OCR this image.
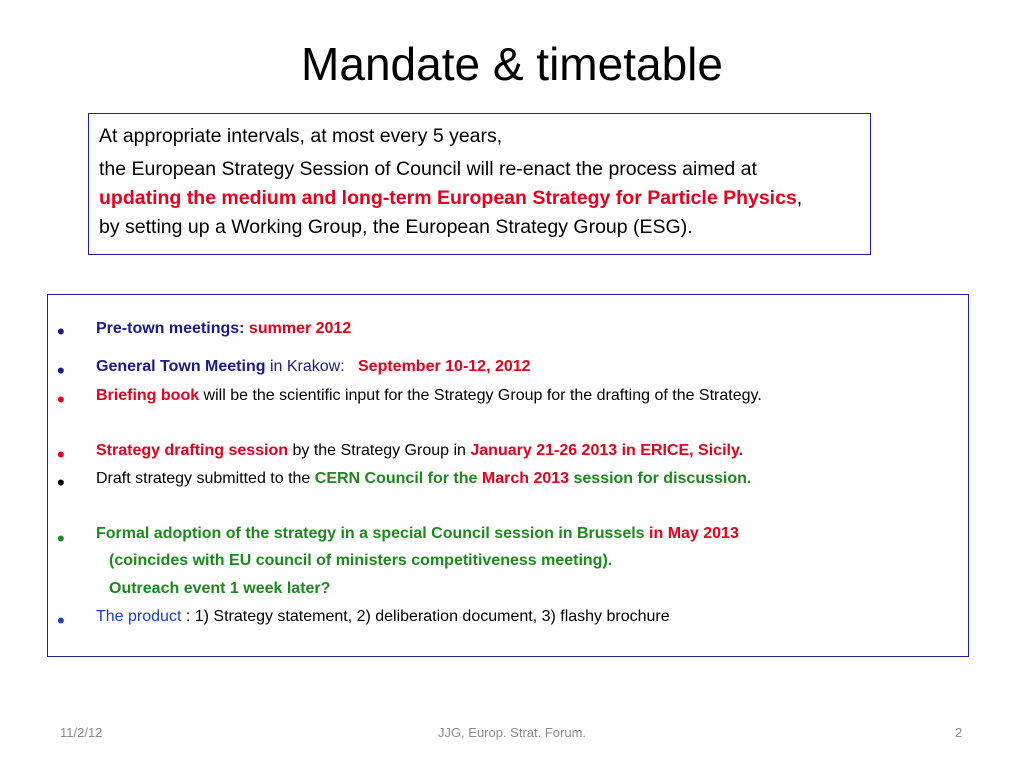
Mandate & timetable

At appropriate intervals, at most every 5 years,

the European Strategy Session of Council will re-enact the process aimed at

updating the medium and long-term European Strategy for Particle Physics,

by setting up a Working Group, the European Strategy Group (ESG).

• Pre-town meetings: summer 2012
• General Town Meeting in Krakow: September 10-12, 2012
• Briefing book will be the scientific input for the Strategy Group for the drafting of the Strategy.
• Strategy drafting session by the Strategy Group in January 21-26 2013 in ERICE, Sicily.
• Draft strategy submitted to the CERN Council for the March 2013 session for discussion.
• Formal adoption of the strategy in a special Council session in Brussels in May 2013
(coincides with EU council of ministers competitiveness meeting).
Outreach event 1 week later?
• The product : 1) Strategy statement, 2) deliberation document, 3) flashy brochure
11/2/12	JJG, Europ. Strat. Forum.	2
